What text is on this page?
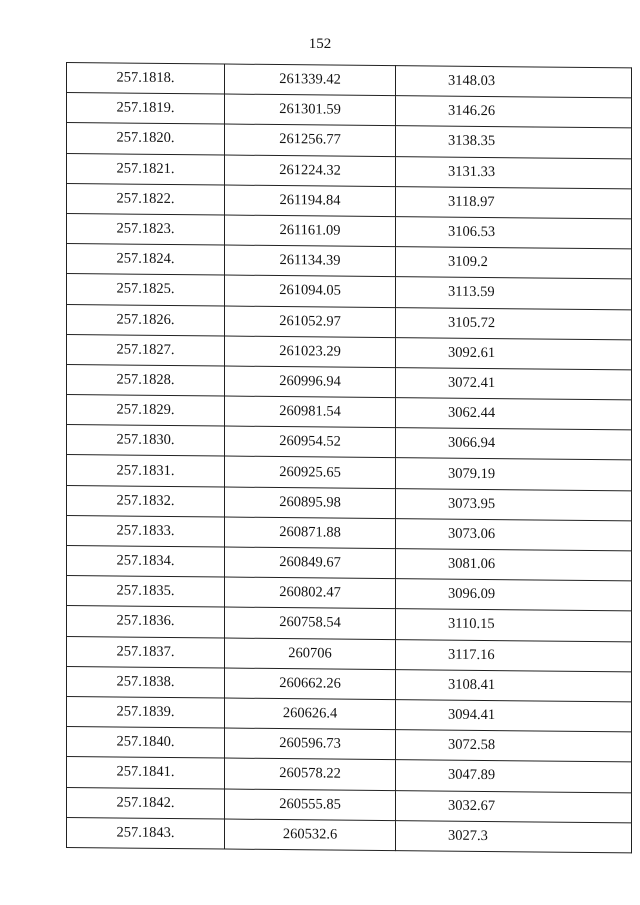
152
257.1818.	261339.42	3148.03
257.1819.	261301.59	3146.26
257.1820.	261256.77	3138.35
257.1821.	261224.32	3131.33
257.1822.	261194.84	3118.97
257.1823.	261161.09	3106.53
257.1824.	261134.39	3109.2
257.1825.	261094.05	3113.59
257.1826.	261052.97	3105.72
257.1827.	261023.29	3092.61
257.1828.	260996.94	3072.41
257.1829.	260981.54	3062.44
257.1830.	260954.52	3066.94
257.1831.	260925.65	3079.19
257.1832.	260895.98	3073.95
257.1833.	260871.88	3073.06
257.1834.	260849.67	3081.06
257.1835.	260802.47	3096.09
257.1836.	260758.54	3110.15
257.1837.	260706	3117.16
257.1838.	260662.26	3108.41
257.1839.	260626.4	3094.41
257.1840.	260596.73	3072.58
257.1841.	260578.22	3047.89
257.1842.	260555.85	3032.67
257.1843.	260532.6	3027.3
